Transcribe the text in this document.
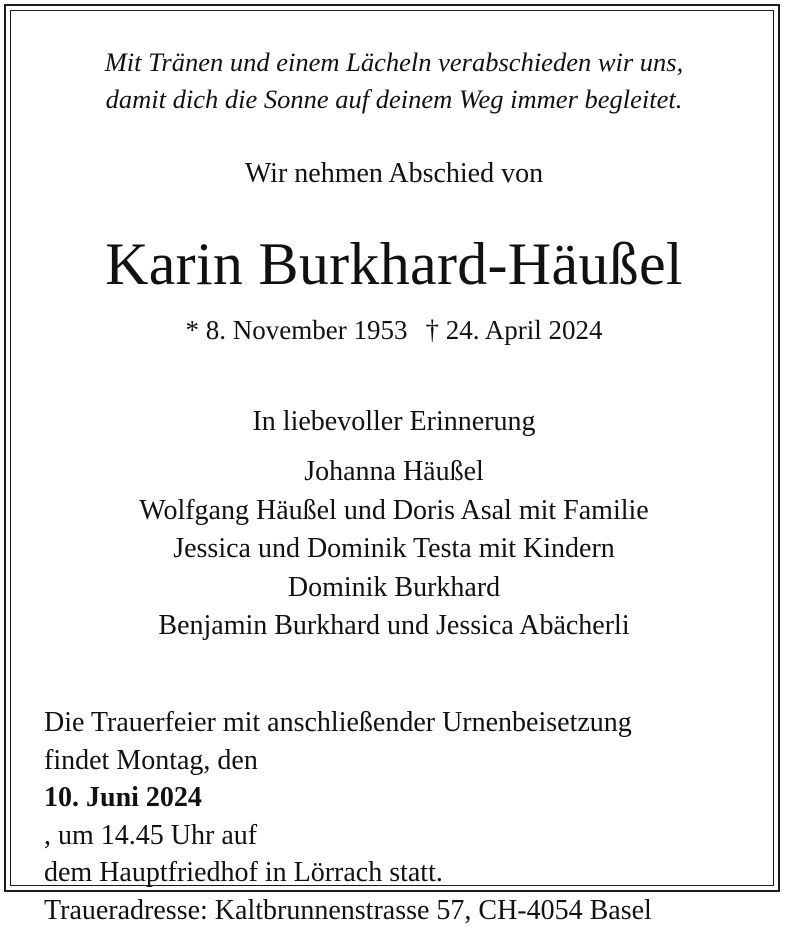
Mit Tränen und einem Lächeln verabschieden wir uns,
damit dich die Sonne auf deinem Weg immer begleitet.
Wir nehmen Abschied von
Karin Burkhard-Häußel
* 8. November 1953 † 24. April 2024
In liebevoller Erinnerung
Johanna Häußel
Wolfgang Häußel und Doris Asal mit Familie
Jessica und Dominik Testa mit Kindern
Dominik Burkhard
Benjamin Burkhard und Jessica Abächerli
Die Trauerfeier mit anschließender Urnenbeisetzung
findet Montag, den
10. Juni 2024
, um 14.45 Uhr auf
dem Hauptfriedhof in Lörrach statt.
Traueradresse: Kaltbrunnenstrasse 57, CH-4054 Basel
